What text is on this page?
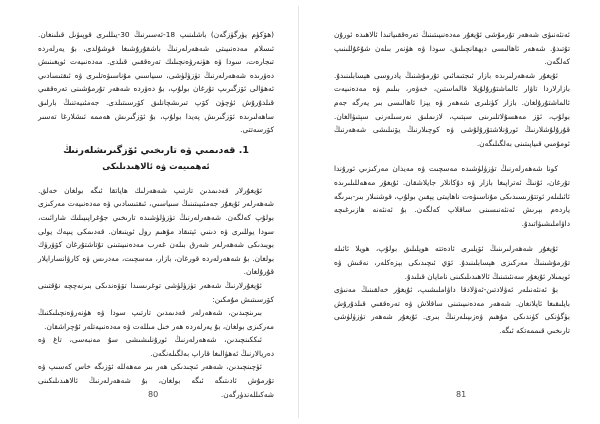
(ھۆكۈم يۈرگۈزگەن) باشلىنىپ 18-ئەسىرنىڭ 30-يىللىرى قوپىۋىل قىلىنغان. ئىسلام مەدەنىيىتى شەھەرلەرنىڭ باشقۇرۇشىغا قوشۇلدى، بۇ يەرلەردە تىجارەت، سودا ۋە ھۈنەرۋەنچىلىك تەرەققىي قىلدى. مەدەنىيەت ئويغىنىش دەۋرىدە شەھەرلەرنىڭ تۈزۈلۈشى، سىياسىي مۇناسىۋەتلىرى ۋە ئىقتىسادىي ئەھۋالى ئۆزگىرىپ تۇرغان بولۇپ، بۇ دەۋردە شەھەر تۇرمۇشىنى تەرەققىي قىلدۇرۇش ئۈچۈن كۆپ تىرىشچانلىق كۆرسىتىلدى. جەمئىيەتنىڭ بارلىق ساھەلىرىدە ئۆزگىرىش پەيدا بولۇپ، بۇ ئۆزگىرىش ھەممە ئىشلارغا تەسىر كۆرسەتتى.

1. قەدىمىي ۋە تارىخىي ئۆزگىرىشلەرنىڭ
ئەھمىيەت ۋە ئالاھىدىلىكى

ئۇيغۇرلار قەدىمدىن تارتىپ شەھەرلىك ھاياتقا ئىگە بولغان خەلق. شەھەرلەر ئۇيغۇر جەمئىيىتىنىڭ سىياسىي، ئىقتىسادىي ۋە مەدەنىيەت مەركىزى بولۇپ كەلگەن. شەھەرلەرنىڭ تۈزۈلۈشىدە تارىخىي جۇغراپىيىلىك شارائىت، سودا يوللىرى ۋە دىنىي ئېتىقاد مۇھىم رول ئوينىغان. قەدىمكى يىپەك يولى بويىدىكى شەھەرلەر شەرق بىلەن غەرب مەدەنىيىتىنى تۇتاشتۇرغان كۆۋرۈك بولغان. بۇ شەھەرلەردە قورغان، بازار، مەسچىت، مەدرىس ۋە كارۋانسارايلار قۇرۇلغان.

ئۇيغۇرلارنىڭ شەھەر تۈزۈلۈشى توغرىسىدا تۆۋەندىكى بىرنەچچە نۇقتىنى كۆرسىتىش مۇمكىن:

بىرىنچىدىن، شەھەرلەر قەدىمدىن تارتىپ سودا ۋە ھۈنەرۋەنچىلىكنىڭ مەركىزى بولغان، بۇ يەرلەردە ھەر خىل مىللەت ۋە مەدەنىيەتلەر ئۇچراشقان.

ئىككىنچىدىن، شەھەرلەرنىڭ ئورۇنلىشىشى سۇ مەنبەسى، تاغ ۋە دەريالارنىڭ ئەھۋالىغا قاراپ بەلگىلەنگەن.

ئۈچىنچىدىن، شەھەر ئىچىدىكى ھەر بىر مەھەللە ئۆزىگە خاس كەسىپ ۋە تۇرمۇش ئادىتىگە ئىگە بولغان، بۇ شەھەرلەرنىڭ ئالاھىدىلىكىنى شەكىللەندۈرگەن.

80

ئەنئەنىۋى شەھەر تۇرمۇشى ئۇيغۇر مەدەنىيىتىنىڭ تەرەققىياتىدا ئالاھىدە ئورۇن تۇتىدۇ. شەھەر ئاھالىسى دېھقانچىلىق، سودا ۋە ھۈنەر بىلەن شۇغۇللىنىپ كەلگەن.

ئۇيغۇر شەھەرلىرىدە بازار ئىجتىمائىي تۇرمۇشنىڭ يادروسى ھېسابلىنىدۇ. بازارلاردا تاۋار ئالماشتۇرۇلۇپلا قالماستىن، خەۋەر، بىلىم ۋە مەدەنىيەت ئالماشتۇرۇلغان. بازار كۈنلىرى شەھەر ۋە يېزا ئاھالىسى بىر يەرگە جەم بولۇپ، ئۆز مەھسۇلاتلىرىنى سېتىپ، لازىملىق نەرسىلەرنى سېتىۋالغان. قۇرۇلۇشلارنىڭ ئورۇنلاشتۇرۇلۇشى ۋە كوچىلارنىڭ يۆنىلىشى شەھەرنىڭ ئومۇمىي قىياپىتىنى بەلگىلىگەن.

كونا شەھەرلەرنىڭ تۈزۈلۈشىدە مەسچىت ۋە مەيدان مەركىزىي ئورۇندا تۇرغان، ئۇنىڭ ئەتراپىغا بازار ۋە دۇكانلار جايلاشقان. ئۇيغۇر مەھەللىلىرىدە ئائىلىلەر ئوتتۇرىسىدىكى مۇناسىۋەت ناھايىتى يېقىن بولۇپ، قوشنىلار بىر-بىرىگە ياردەم بېرىش ئەنئەنىسىنى ساقلاپ كەلگەن. بۇ ئەنئەنە ھازىرغىچە داۋاملىشىۋاتىدۇ.

ئۇيغۇر شەھەرلىرىنىڭ ئۆيلىرى ئادەتتە ھويلىلىق بولۇپ، ھويلا ئائىلە تۇرمۇشىنىڭ مەركىزى ھېسابلىنىدۇ. ئۆي ئىچىدىكى بېزەكلەر، نەقىش ۋە ئويمىلار ئۇيغۇر سەنئىتىنىڭ ئالاھىدىلىكىنى نامايان قىلىدۇ.

بۇ ئەنئەنىلەر ئەۋلادتىن-ئەۋلادقا داۋاملىشىپ، ئۇيغۇر خەلقىنىڭ مەنىۋى بايلىقىغا ئايلانغان. شەھەر مەدەنىيىتىنى ساقلاش ۋە تەرەققىي قىلدۇرۇش بۈگۈنكى كۈندىكى مۇھىم ۋەزىپىلەرنىڭ بىرى. ئۇيغۇر شەھەر تۈزۈلۈشى تارىخىي قىممەتكە ئىگە.

81
